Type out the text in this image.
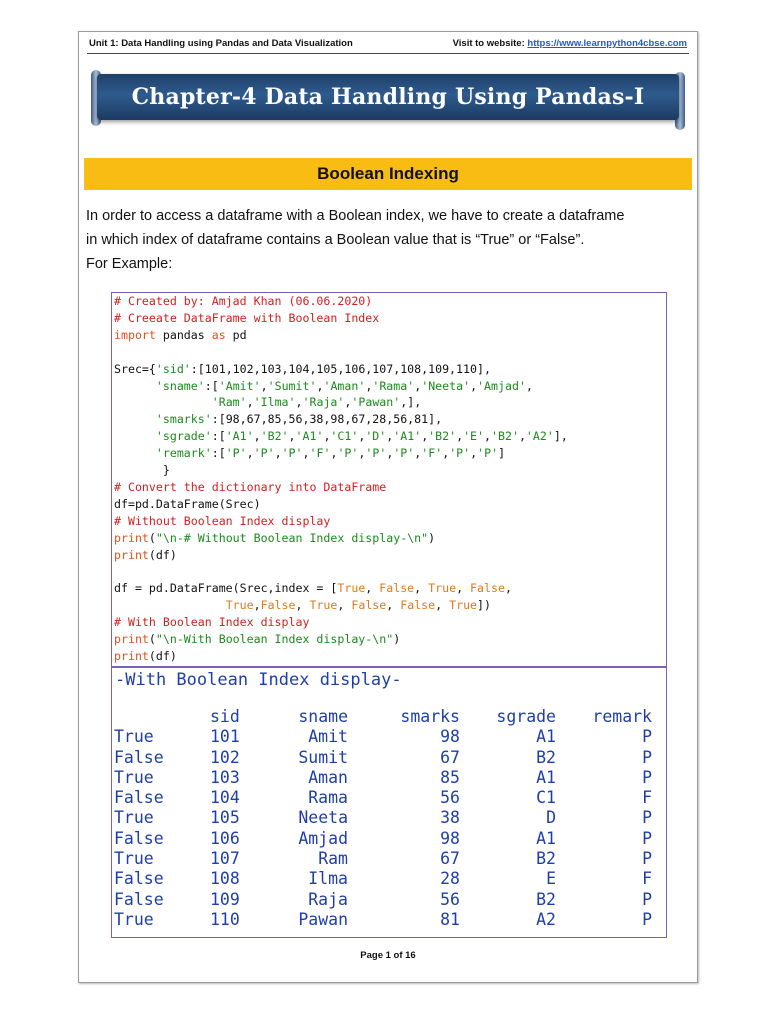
Unit 1: Data Handling using Pandas and Data Visualization	Visit to website: https://www.learnpython4cbse.com
Chapter-4 Data Handling Using Pandas-I
Boolean Indexing

In order to access a dataframe with a Boolean index, we have to create a dataframe

in which index of dataframe contains a Boolean value that is “True” or “False”.

For Example:

# Created by: Amjad Khan (06.06.2020)
# Creeate DataFrame with Boolean Index
import pandas as pd

Srec={'sid':[101,102,103,104,105,106,107,108,109,110],
'sname':['Amit','Sumit','Aman','Rama','Neeta','Amjad',
'Ram','Ilma','Raja','Pawan',],
'smarks':[98,67,85,56,38,98,67,28,56,81],
'sgrade':['A1','B2','A1','C1','D','A1','B2','E','B2','A2'],
'remark':['P','P','P','F','P','P','P','F','P','P']
}
# Convert the dictionary into DataFrame
df=pd.DataFrame(Srec)
# Without Boolean Index display
print("\n-# Without Boolean Index display-\n")
print(df)

df = pd.DataFrame(Srec,index = [True, False, True, False,
True,False, True, False, False, True])
# With Boolean Index display
print("\n-With Boolean Index display-\n")
print(df)
-With Boolean Index display-
	sid	sname	smarks	sgrade	remark
True	101	Amit	98	A1	P
False	102	Sumit	67	B2	P
True	103	Aman	85	A1	P
False	104	Rama	56	C1	F
True	105	Neeta	38	D	P
False	106	Amjad	98	A1	P
True	107	Ram	67	B2	P
False	108	Ilma	28	E	F
False	109	Raja	56	B2	P
True	110	Pawan	81	A2	P
Page 1 of 16
